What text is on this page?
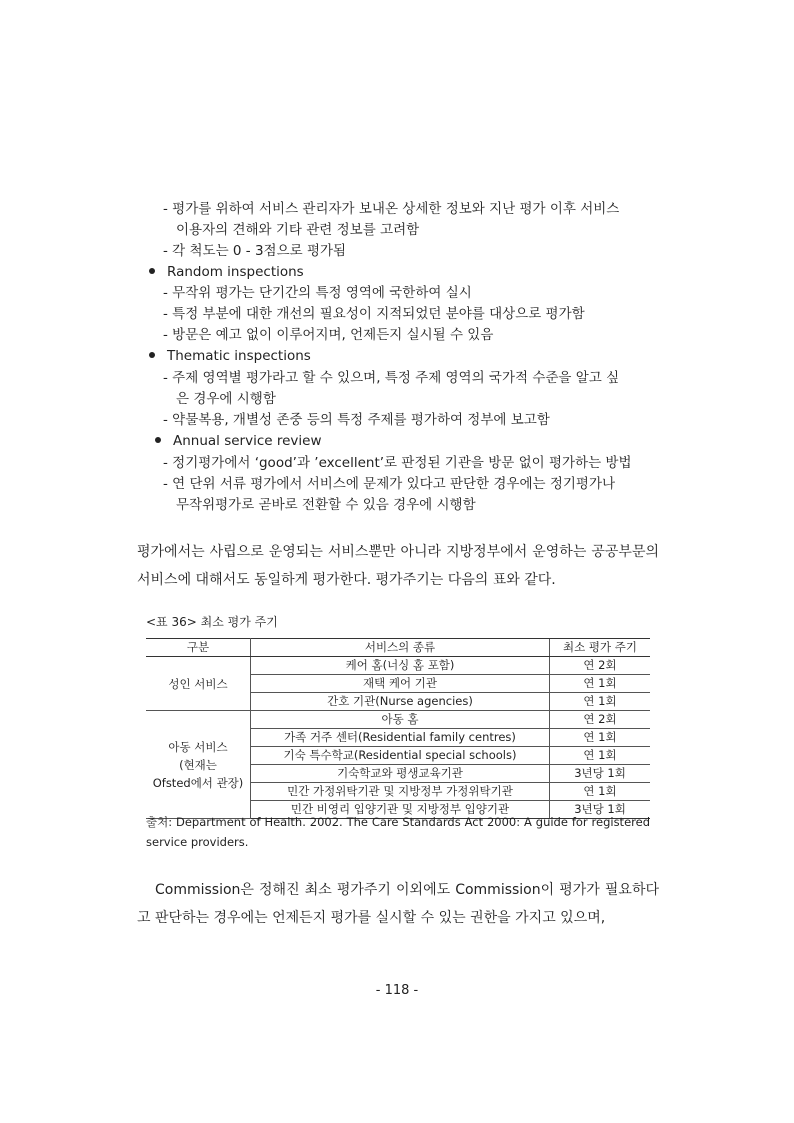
- 평가를 위하여 서비스 관리자가 보내온 상세한 정보와 지난 평가 이후 서비스
이용자의 견해와 기타 관련 정보를 고려함
- 각 척도는 0 - 3점으로 평가됨
Random inspections
- 무작위 평가는 단기간의 특정 영역에 국한하여 실시
- 특정 부분에 대한 개선의 필요성이 지적되었던 분야를 대상으로 평가함
- 방문은 예고 없이 이루어지며, 언제든지 실시될 수 있음
Thematic inspections
- 주제 영역별 평가라고 할 수 있으며, 특정 주제 영역의 국가적 수준을 알고 싶
은 경우에 시행함
- 약물복용, 개별성 존중 등의 특정 주제를 평가하여 정부에 보고함
Annual service review
- 정기평가에서 ‘good’과 ’excellent’로 판정된 기관을 방문 없이 평가하는 방법
- 연 단위 서류 평가에서 서비스에 문제가 있다고 판단한 경우에는 정기평가나
무작위평가로 곧바로 전환할 수 있음 경우에 시행함
평가에서는 사립으로 운영되는 서비스뿐만 아니라 지방정부에서 운영하는 공공부문의 서비스에 대해서도 동일하게 평가한다. 평가주기는 다음의 표와 같다.
<표 36> 최소 평가 주기
구분	서비스의 종류	최소 평가 주기
성인 서비스	케어 홈(너싱 홈 포함)	연 2회
	재택 케어 기관	연 1회
	간호 기관(Nurse agencies)	연 1회

아동 서비스
(현재는
Ofsted에서 관장)	아동 홈	연 2회
	가족 거주 센터(Residential family centres)	연 1회
	기숙 특수학교(Residential special schools)	연 1회
	기숙학교와 평생교육기관	3년당 1회
	민간 가정위탁기관 및 지방정부 가정위탁기관	연 1회
	민간 비영리 입양기관 및 지방정부 입양기관	3년당 1회
출처: Department of Health. 2002. The Care Standards Act 2000: A guide for registered service providers.
Commission은 정해진 최소 평가주기 이외에도 Commission이 평가가 필요하다고 판단하는 경우에는 언제든지 평가를 실시할 수 있는 권한을 가지고 있으며,
- 118 -
